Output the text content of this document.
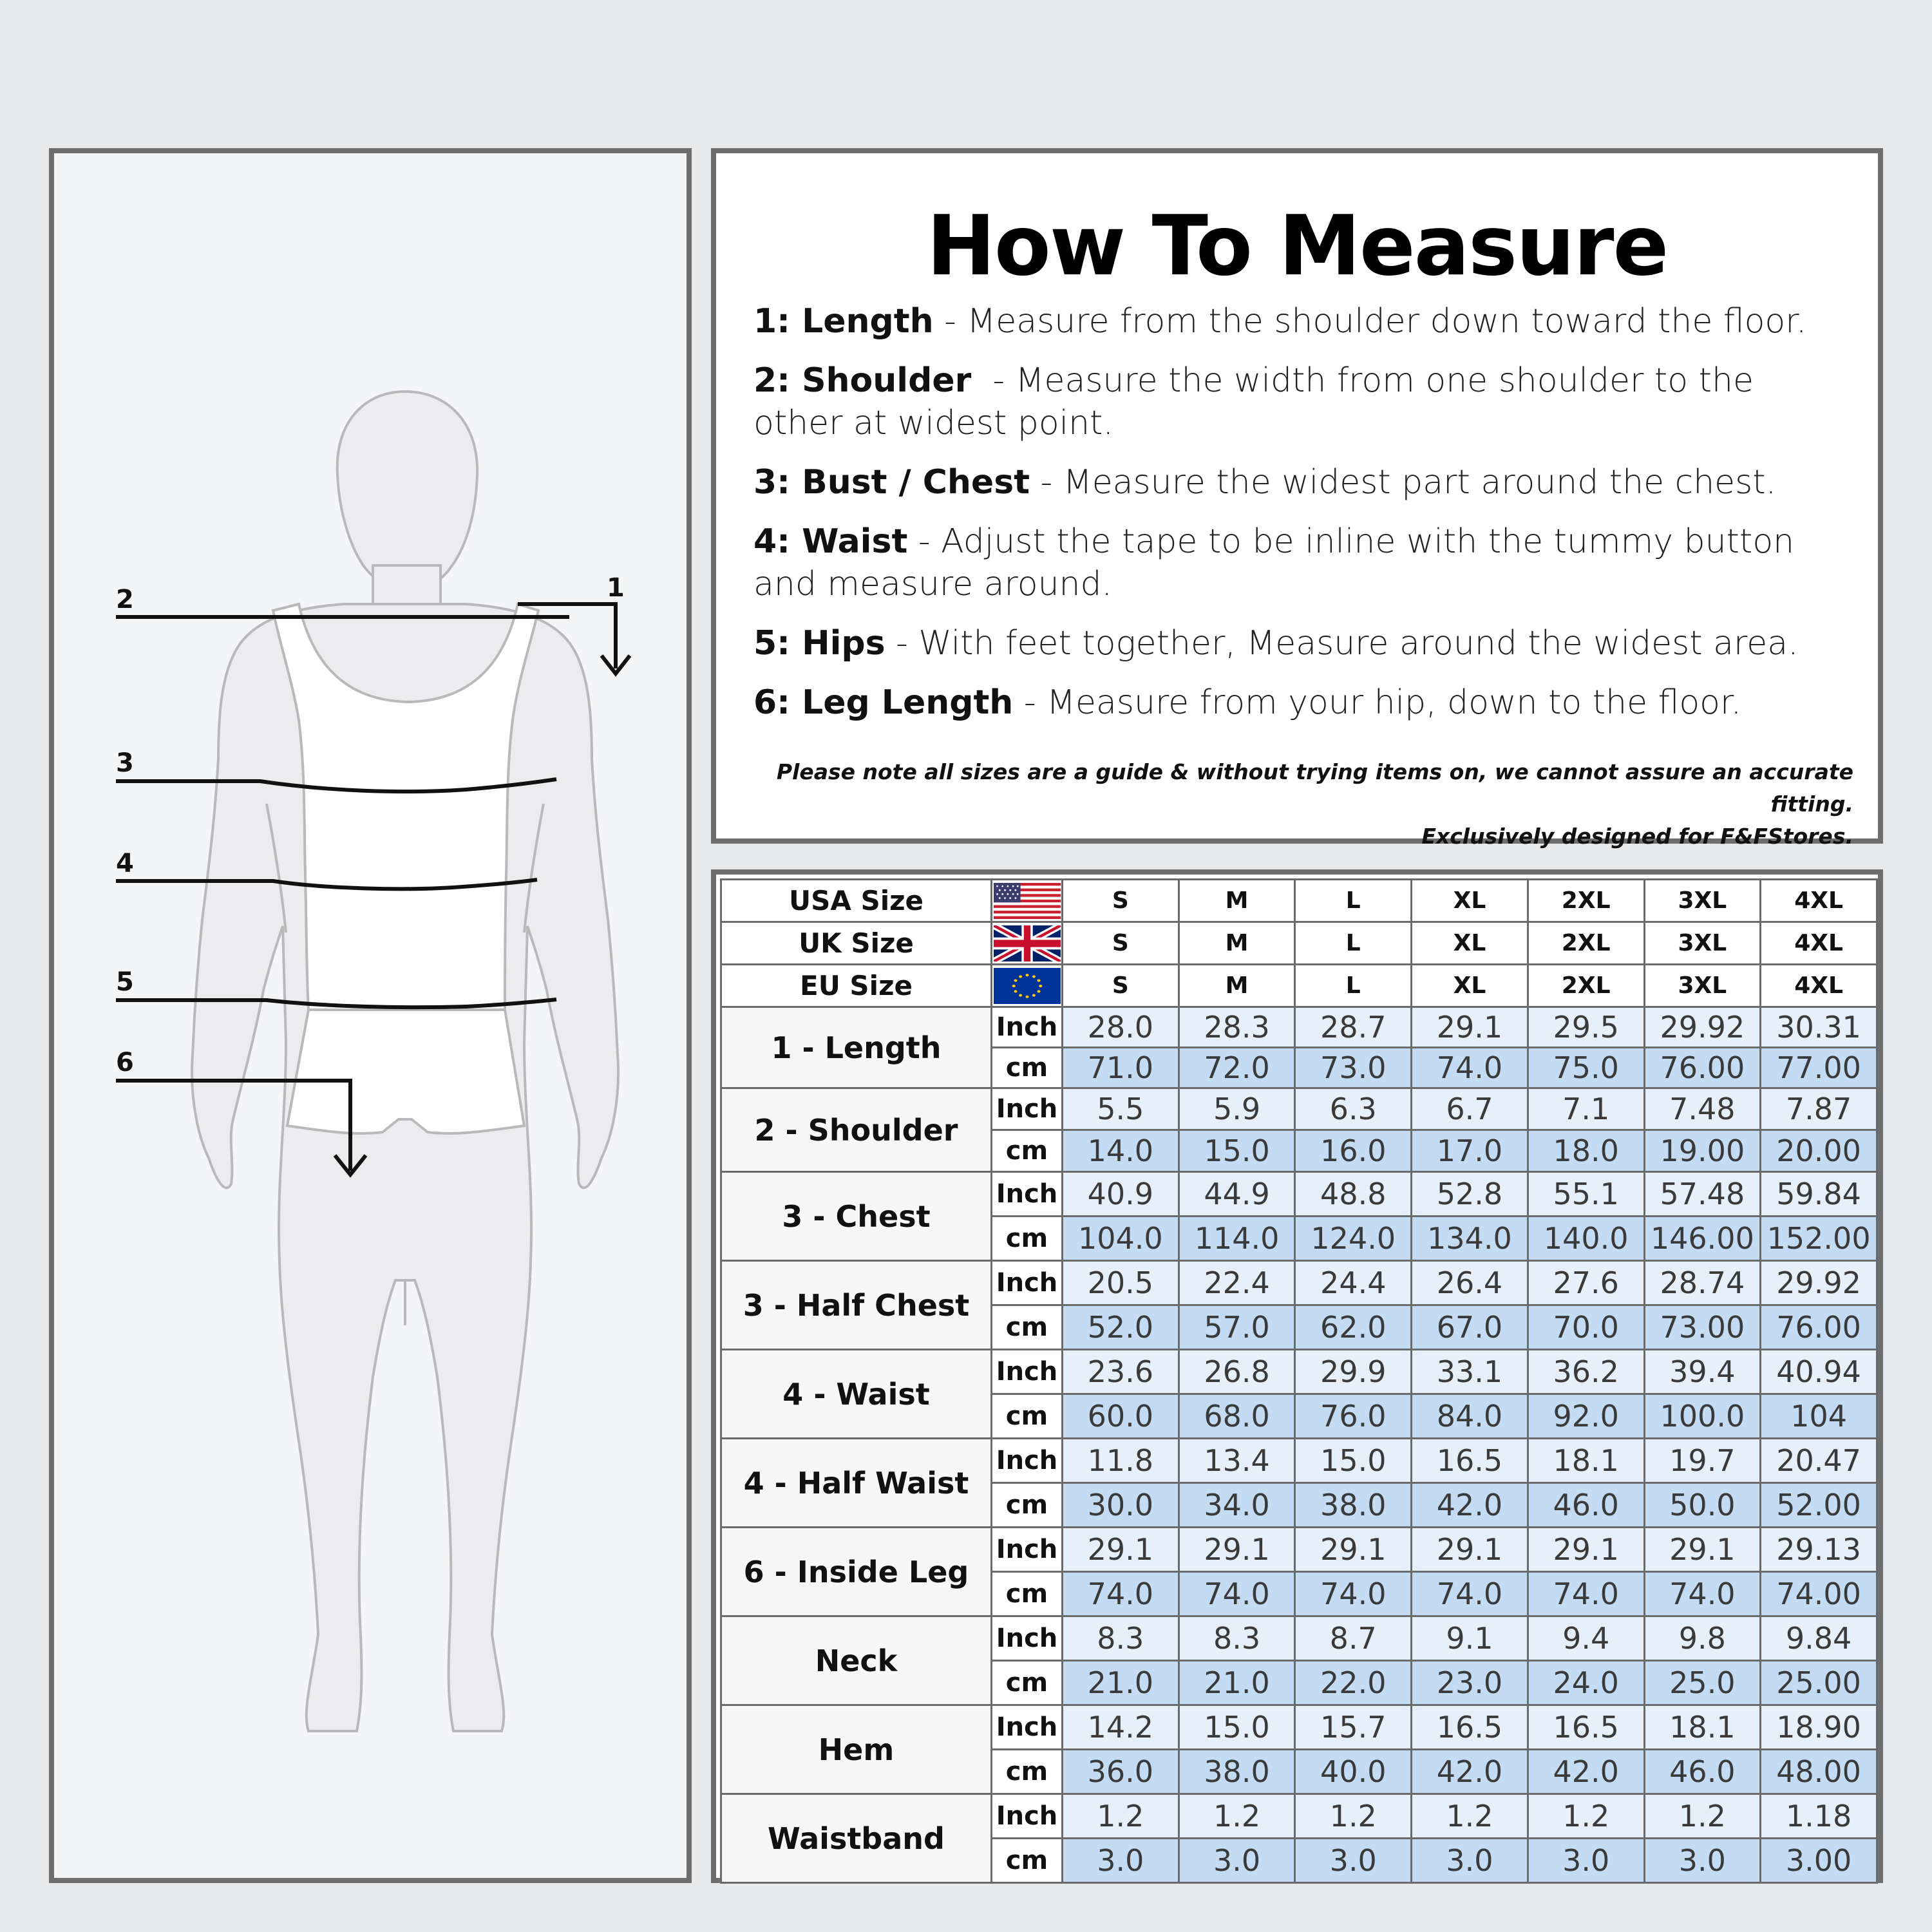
1
2
3
4
5
6
How To Measure
1: Length - Measure from the shoulder down toward the floor.
2: Shoulder  - Measure the width from one shoulder to the other at widest point.
3: Bust / Chest - Measure the widest part around the chest.
4: Waist - Adjust the tape to be inline with the tummy button and measure around.
5: Hips - With feet together, Measure around the widest area.
6: Leg Length - Measure from your hip, down to the floor.
Please note all sizes are a guide & without trying items on, we cannot assure an accurate fitting.
Exclusively designed for F&FStores.
USA Size		S	M	L	XL	2XL	3XL	4XL
UK Size		S	M	L	XL	2XL	3XL	4XL
EU Size		S	M	L	XL	2XL	3XL	4XL
1 - Length	Inch	28.0	28.3	28.7	29.1	29.5	29.92	30.31
	cm	71.0	72.0	73.0	74.0	75.0	76.00	77.00
2 - Shoulder	Inch	5.5	5.9	6.3	6.7	7.1	7.48	7.87
	cm	14.0	15.0	16.0	17.0	18.0	19.00	20.00
3 - Chest	Inch	40.9	44.9	48.8	52.8	55.1	57.48	59.84
	cm	104.0	114.0	124.0	134.0	140.0	146.00	152.00
3 - Half Chest	Inch	20.5	22.4	24.4	26.4	27.6	28.74	29.92
	cm	52.0	57.0	62.0	67.0	70.0	73.00	76.00
4 - Waist	Inch	23.6	26.8	29.9	33.1	36.2	39.4	40.94
	cm	60.0	68.0	76.0	84.0	92.0	100.0	104
4 - Half Waist	Inch	11.8	13.4	15.0	16.5	18.1	19.7	20.47
	cm	30.0	34.0	38.0	42.0	46.0	50.0	52.00
6 - Inside Leg	Inch	29.1	29.1	29.1	29.1	29.1	29.1	29.13
	cm	74.0	74.0	74.0	74.0	74.0	74.0	74.00
Neck	Inch	8.3	8.3	8.7	9.1	9.4	9.8	9.84
	cm	21.0	21.0	22.0	23.0	24.0	25.0	25.00
Hem	Inch	14.2	15.0	15.7	16.5	16.5	18.1	18.90
	cm	36.0	38.0	40.0	42.0	42.0	46.0	48.00
Waistband	Inch	1.2	1.2	1.2	1.2	1.2	1.2	1.18
	cm	3.0	3.0	3.0	3.0	3.0	3.0	3.00
